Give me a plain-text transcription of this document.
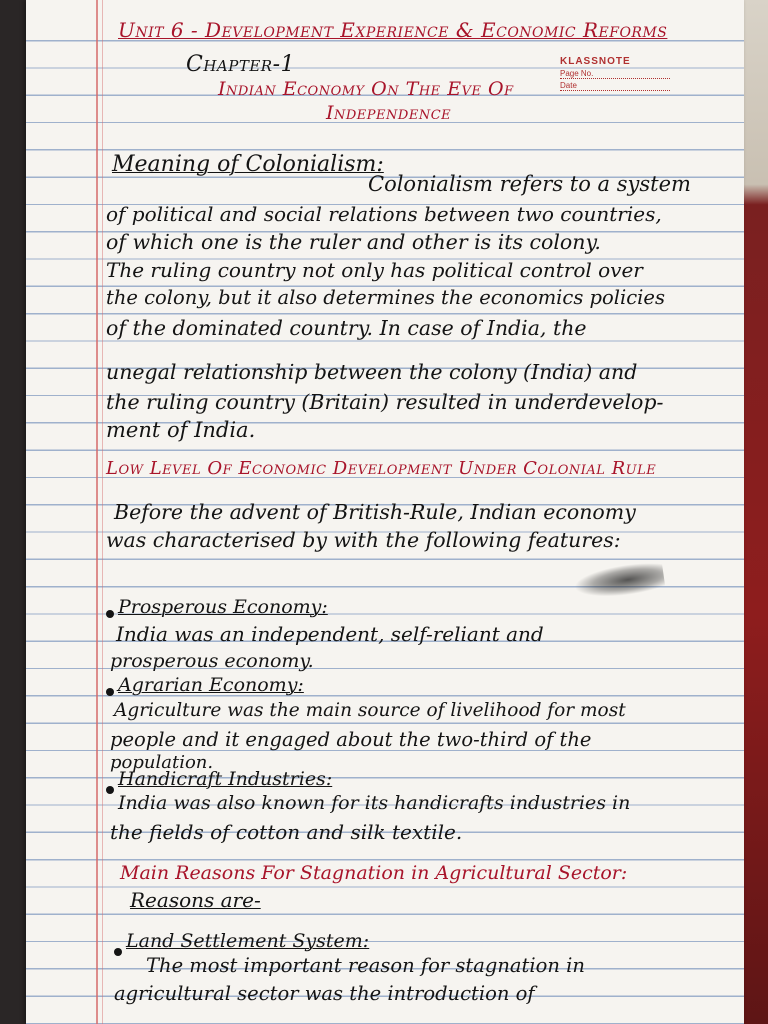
KLASSNOTE
Page No.
Date
Unit 6 - Development Experience & Economic Reforms
Chapter-1
Indian Economy On The Eve Of
Independence
Meaning of Colonialism:
Colonialism refers to a system
of political and social relations between two countries,
of which one is the ruler and other is its colony.
The ruling country not only has political control over
the colony, but it also determines the economics policies
of the dominated country. In case of India, the
unegal relationship between the colony (India) and
the ruling country (Britain) resulted in underdevelop-
ment of India.
Low Level Of Economic Development Under Colonial Rule
Before the advent of British-Rule, Indian economy
was characterised by with the following features:
Prosperous Economy:
India was an independent, self-reliant and
prosperous economy.
Agrarian Economy:
Agriculture was the main source of livelihood for most
people and it engaged about the two-third of the
population.
Handicraft Industries:
India was also known for its handicrafts industries in
the fields of cotton and silk textile.
Main Reasons For Stagnation in Agricultural Sector:
Reasons are-
Land Settlement System:
The most important reason for stagnation in
agricultural sector was the introduction of
